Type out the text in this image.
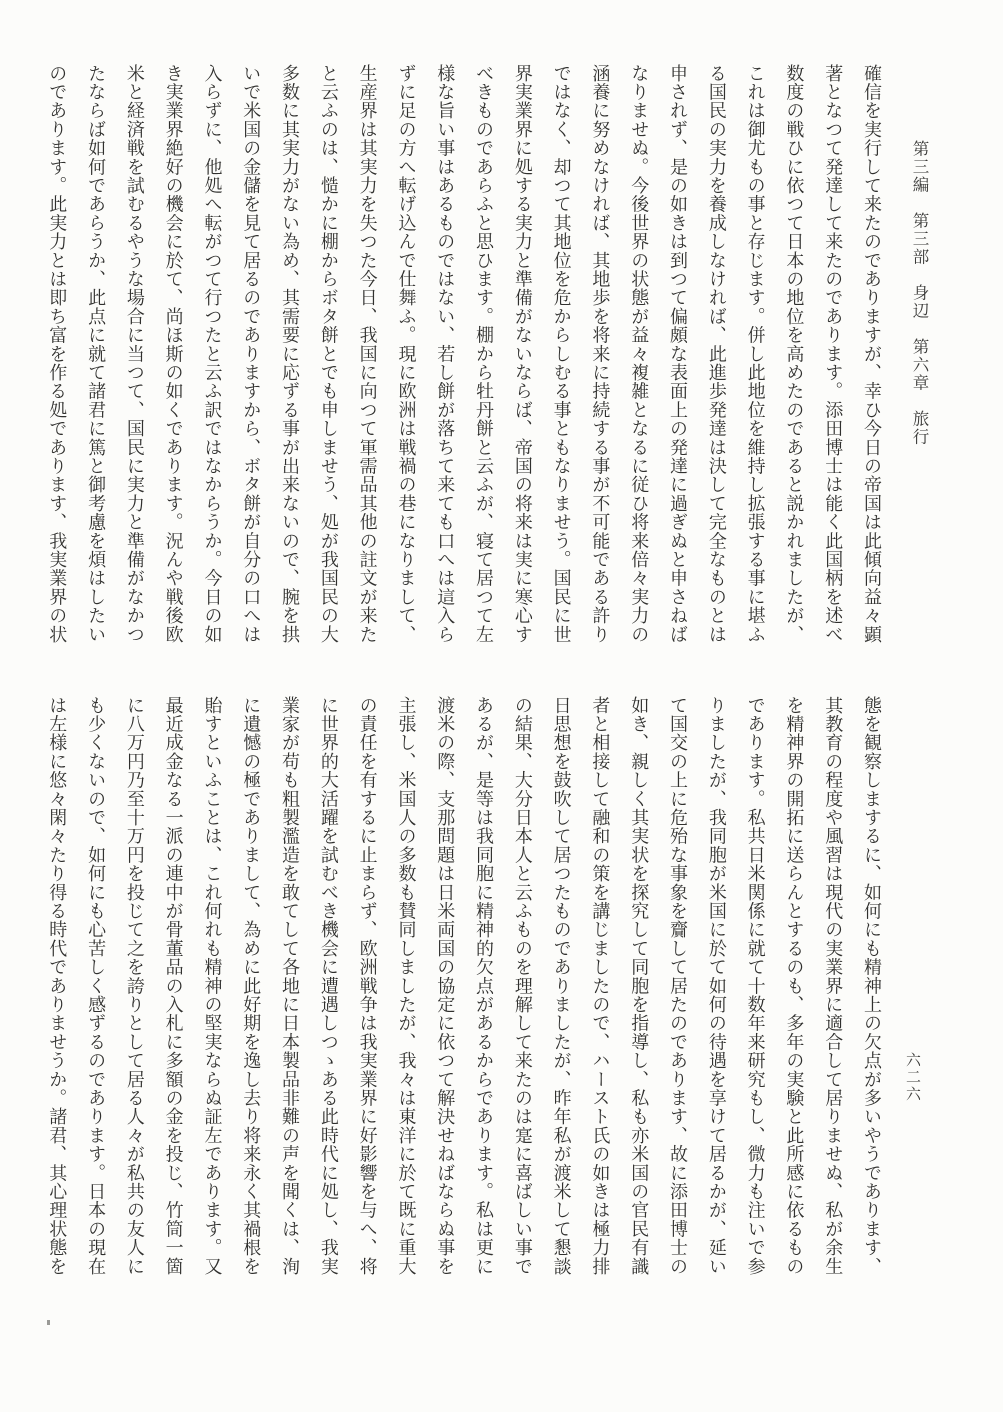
第三編　第三部　身辺　第六章　旅行
確信を実行して来たのでありますが、幸ひ今日の帝国は此傾向益々顕
著となつて発達して来たのであります。添田博士は能く此国柄を述べ
数度の戦ひに依つて日本の地位を高めたのであると説かれましたが、
これは御尤もの事と存じます。併し此地位を維持し拡張する事に堪ふ
る国民の実力を養成しなければ、此進歩発達は決して完全なものとは
申されず、是の如きは到つて偏頗な表面上の発達に過ぎぬと申さねば
なりませぬ。今後世界の状態が益々複雑となるに従ひ将来倍々実力の
涵養に努めなければ、其地歩を将来に持続する事が不可能である許り
ではなく、却つて其地位を危からしむる事ともなりませう。国民に世
界実業界に処する実力と準備がないならば、帝国の将来は実に寒心す
べきものであらふと思ひます。棚から牡丹餅と云ふが、寝て居つて左
様な旨い事はあるものではない、若し餅が落ちて来ても口へは這入ら
ずに足の方へ転げ込んで仕舞ふ。現に欧洲は戦禍の巷になりまして、
生産界は其実力を失つた今日、我国に向つて軍需品其他の註文が来た
と云ふのは、慥かに棚からボタ餅とでも申しませう、処が我国民の大
多数に其実力がない為め、其需要に応ずる事が出来ないので、腕を拱
いで米国の金儲を見て居るのでありますから、ボタ餅が自分の口へは
入らずに、他処へ転がつて行つたと云ふ訳ではなからうか。今日の如
き実業界絶好の機会に於て、尚ほ斯の如くであります。況んや戦後欧
米と経済戦を試むるやうな場合に当つて、国民に実力と準備がなかつ
たならば如何であらうか、此点に就て諸君に篤と御考慮を煩はしたい
のであります。此実力とは即ち富を作る処であります、我実業界の状
態を観察しまするに、如何にも精神上の欠点が多いやうであります、
其教育の程度や風習は現代の実業界に適合して居りませぬ、私が余生
を精神界の開拓に送らんとするのも、多年の実験と此所感に依るもの
であります。私共日米関係に就て十数年来研究もし、微力も注いで参
りましたが、我同胞が米国に於て如何の待遇を享けて居るかが、延い
て国交の上に危殆な事象を齎して居たのであります、故に添田博士の
如き、親しく其実状を探究して同胞を指導し、私も亦米国の官民有識
者と相接して融和の策を講じましたので、ハースト氏の如きは極力排
日思想を鼓吹して居つたものでありましたが、昨年私が渡米して懇談
の結果、大分日本人と云ふものを理解して来たのは寔に喜ばしい事で
あるが、是等は我同胞に精神的欠点があるからであります。私は更に
渡米の際、支那問題は日米両国の協定に依つて解決せねばならぬ事を
主張し、米国人の多数も賛同しましたが、我々は東洋に於て既に重大
の責任を有するに止まらず、欧洲戦争は我実業界に好影響を与へ、将
に世界的大活躍を試むべき機会に遭遇しつゝある此時代に処し、我実
業家が苟も粗製濫造を敢てして各地に日本製品非難の声を聞くは、洵
に遺憾の極でありまして、為めに此好期を逸し去り将来永く其禍根を
貽すといふことは、これ何れも精神の堅実ならぬ証左であります。又
最近成金なる一派の連中が骨董品の入札に多額の金を投じ、竹筒一箇
に八万円乃至十万円を投じて之を誇りとして居る人々が私共の友人に
も少くないので、如何にも心苦しく感ずるのであります。日本の現在
は左様に悠々閑々たり得る時代でありませうか。諸君、其心理状態を	六二六
